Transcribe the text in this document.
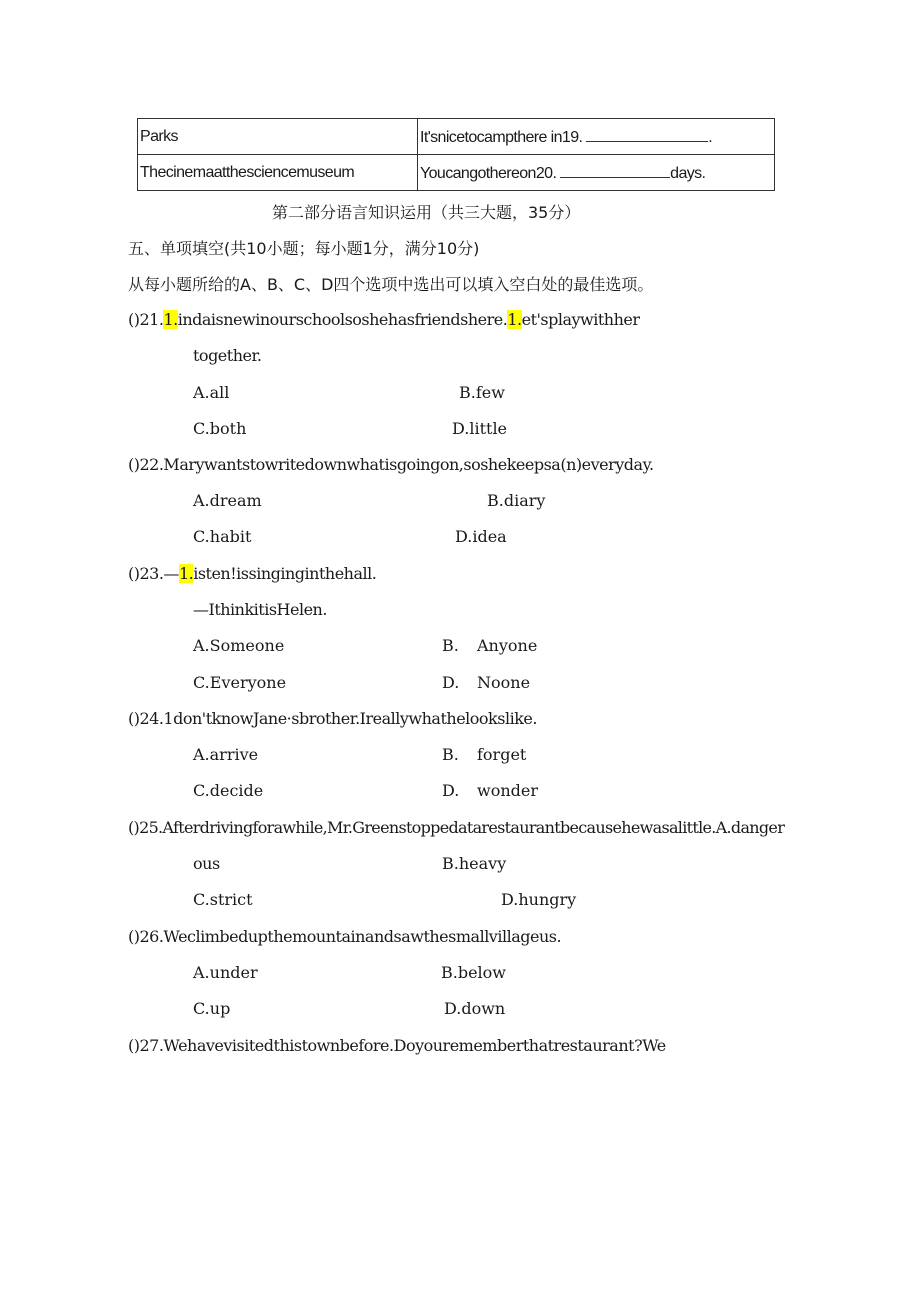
Parks	It'snicetocampthere in19. .
Thecinemaatthesciencemuseum	Youcangothereon20. days.
第二部分语言知识运用（共三大题，35分）
五、单项填空(共10小题；每小题1分，满分10分)
从每小题所给的A、B、C、D四个选项中选出可以填入空白处的最佳选项。
()21.1.indaisnewinourschoolsoshehasfriendshere.1.et'splaywithher
together.
A.all	B.few
C.both	D.little
()22.Marywantstowritedownwhatisgoingon,soshekeepsa(n)everyday.
A.dream	B.diary
C.habit	D.idea
()23.—1.isten!issinginginthehall.
—IthinkitisHelen.
A.Someone	B. Anyone
C.Everyone	D. Noone
()24.1don'tknowJane·sbrother.Ireallywhathelookslike.
A.arrive	B. forget
C.decide	D. wonder
()25.Afterdrivingforawhile,Mr.Greenstoppedatarestaurantbecausehewasalittle.A.danger
ous	B.heavy
C.strict	D.hungry
()26.Weclimbedupthemountainandsawthesmallvillageus.
A.under	B.below
C.up	D.down
()27.Wehavevisitedthistownbefore.Doyourememberthatrestaurant?We
